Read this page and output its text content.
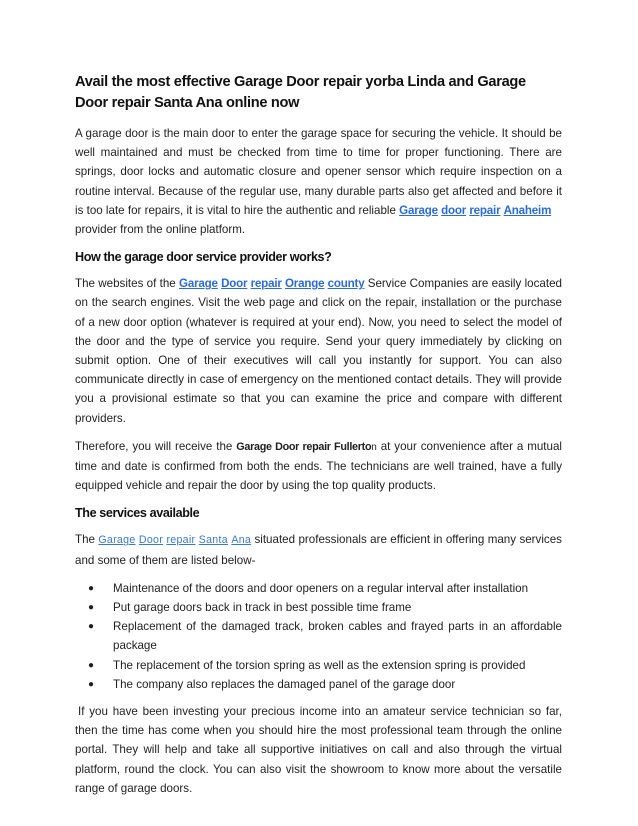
Avail the most effective Garage Door repair yorba Linda and Garage Door repair Santa Ana online now

A garage door is the main door to enter the garage space for securing the vehicle. It should be well maintained and must be checked from time to time for proper functioning. There are springs, door locks and automatic closure and opener sensor which require inspection on a routine interval. Because of the regular use, many durable parts also get affected and before it is too late for repairs, it is vital to hire the authentic and reliable Garage door repair Anaheim
provider from the online platform.

How the garage door service provider works?

The websites of the Garage Door repair Orange county Service Companies are easily located on the search engines. Visit the web page and click on the repair, installation or the purchase of a new door option (whatever is required at your end). Now, you need to select the model of the door and the type of service you require. Send your query immediately by clicking on submit option. One of their executives will call you instantly for support. You can also communicate directly in case of emergency on the mentioned contact details. They will provide you a provisional estimate so that you can examine the price and compare with different providers.

Therefore, you will receive the Garage Door repair Fullerton at your convenience after a mutual time and date is confirmed from both the ends. The technicians are well trained, have a fully equipped vehicle and repair the door by using the top quality products.

The services available

The Garage Door repair Santa Ana situated professionals are efficient in offering many services and some of them are listed below-

● Maintenance of the doors and door openers on a regular interval after installation
● Put garage doors back in track in best possible time frame
● Replacement of the damaged track, broken cables and frayed parts in an affordable package
● The replacement of the torsion spring as well as the extension spring is provided
● The company also replaces the damaged panel of the garage door

If you have been investing your precious income into an amateur service technician so far, then the time has come when you should hire the most professional team through the online portal. They will help and take all supportive initiatives on call and also through the virtual platform, round the clock. You can also visit the showroom to know more about the versatile range of garage doors.
